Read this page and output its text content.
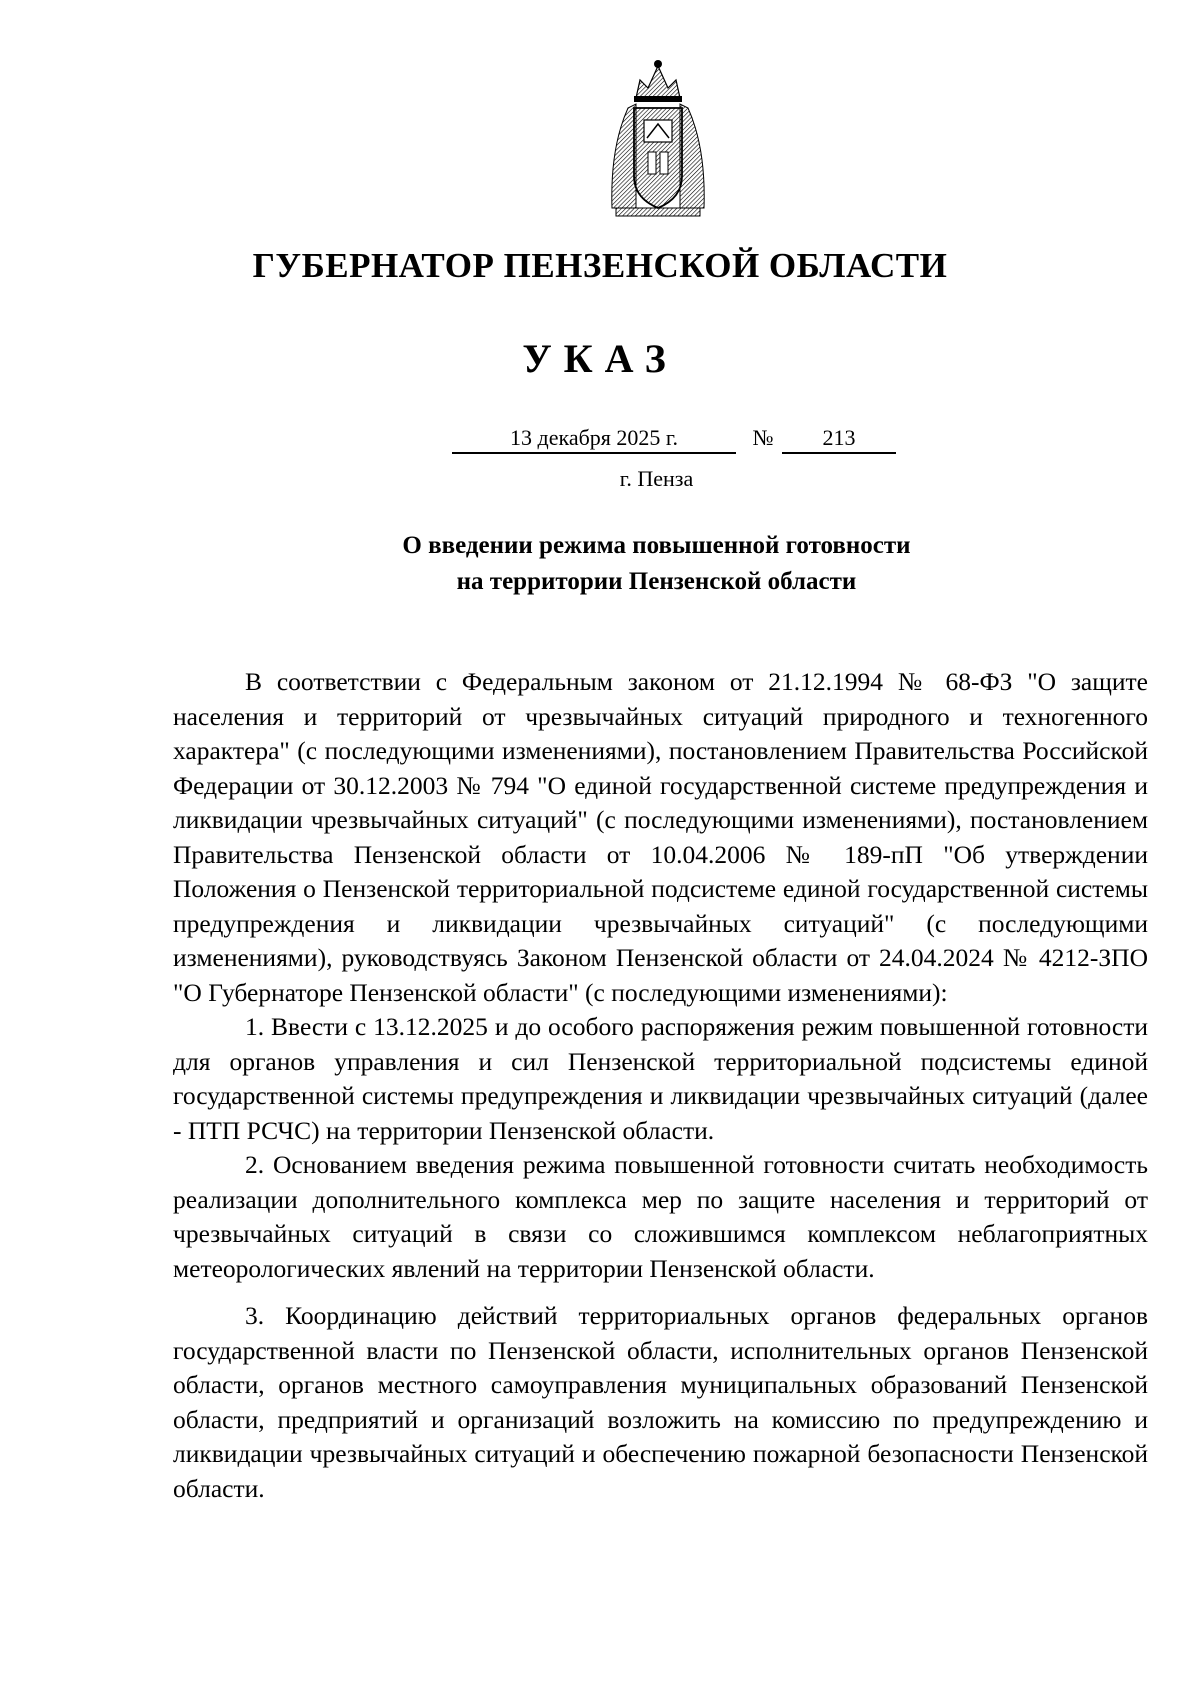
ГУБЕРНАТОР ПЕНЗЕНСКОЙ ОБЛАСТИ
УКАЗ
13 декабря 2025 г.	№	213
г. Пенза
О введении режима повышенной готовности
на территории Пензенской области

В соответствии с Федеральным законом от 21.12.1994 № 68-ФЗ "О защите населения и территорий от чрезвычайных ситуаций природного и техногенного характера" (с последующими изменениями), постановлением Правительства Российской Федерации от 30.12.2003 № 794 "О единой государственной системе предупреждения и ликвидации чрезвычайных ситуаций" (с последующими изменениями), постановлением Правительства Пензенской области от 10.04.2006 № 189-пП "Об утверждении Положения о Пензенской территориальной подсистеме единой государственной системы предупреждения и ликвидации чрезвычайных ситуаций" (с последующими изменениями), руководствуясь Законом Пензенской области от 24.04.2024 № 4212-ЗПО "О Губернаторе Пензенской области" (с последующими изменениями):

1. Ввести с 13.12.2025 и до особого распоряжения режим повышенной готовности для органов управления и сил Пензенской территориальной подсистемы единой государственной системы предупреждения и ликвидации чрезвычайных ситуаций (далее - ПТП РСЧС) на территории Пензенской области.

2. Основанием введения режима повышенной готовности считать необходимость реализации дополнительного комплекса мер по защите населения и территорий от чрезвычайных ситуаций в связи со сложившимся комплексом неблагоприятных метеорологических явлений на территории Пензенской области.

3. Координацию действий территориальных органов федеральных органов государственной власти по Пензенской области, исполнительных органов Пензенской области, органов местного самоуправления муниципальных образований Пензенской области, предприятий и организаций возложить на комиссию по предупреждению и ликвидации чрезвычайных ситуаций и обеспечению пожарной безопасности Пензенской области.
